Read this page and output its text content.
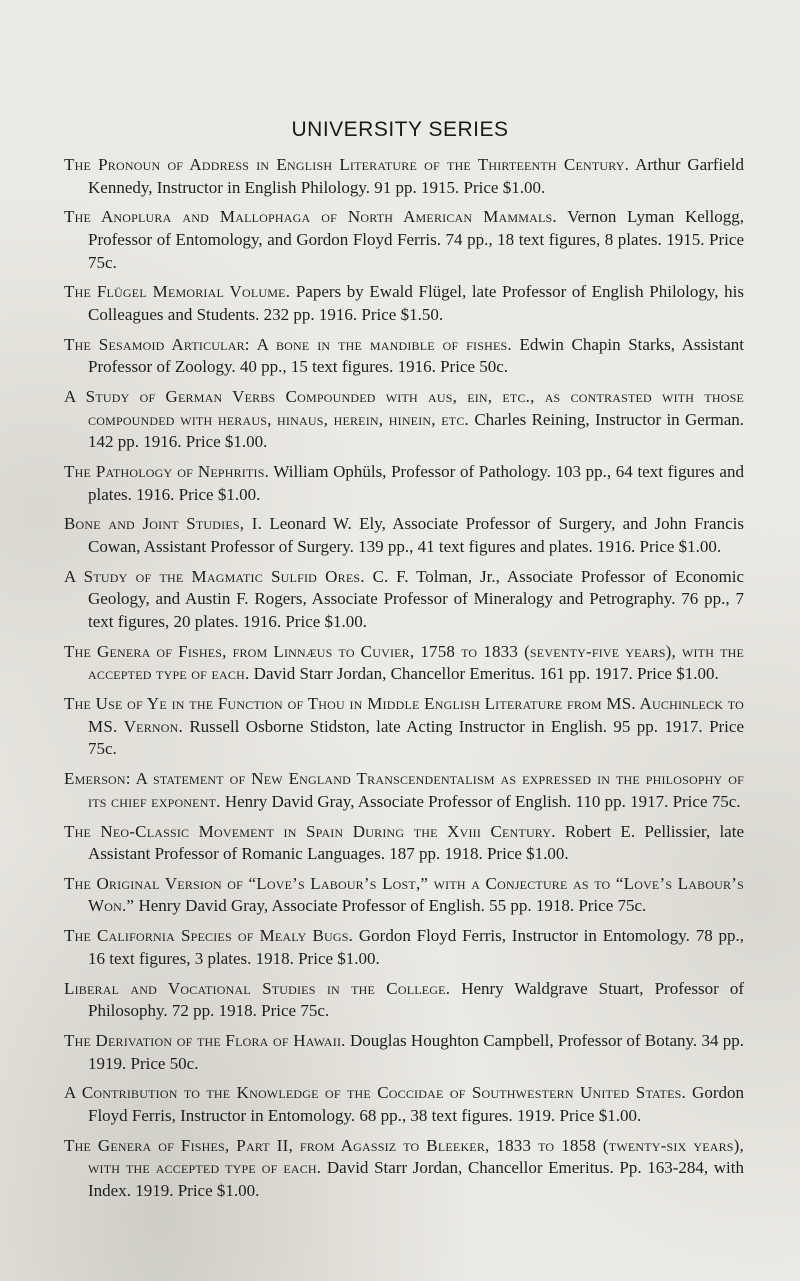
UNIVERSITY SERIES

The Pronoun of Address in English Literature of the Thirteenth Century. Arthur Garfield Kennedy, Instructor in English Philology. 91 pp. 1915. Price $1.00.

The Anoplura and Mallophaga of North American Mammals. Vernon Lyman Kellogg, Professor of Entomology, and Gordon Floyd Ferris. 74 pp., 18 text figures, 8 plates. 1915. Price 75c.

The Flügel Memorial Volume. Papers by Ewald Flügel, late Professor of English Philology, his Colleagues and Students. 232 pp. 1916. Price $1.50.

The Sesamoid Articular: A bone in the mandible of fishes. Edwin Chapin Starks, Assistant Professor of Zoology. 40 pp., 15 text figures. 1916. Price 50c.

A Study of German Verbs Compounded with aus, ein, etc., as contrasted with those compounded with heraus, hinaus, herein, hinein, etc. Charles Reining, Instructor in German. 142 pp. 1916. Price $1.00.

The Pathology of Nephritis. William Ophüls, Professor of Pathology. 103 pp., 64 text figures and plates. 1916. Price $1.00.

Bone and Joint Studies, I. Leonard W. Ely, Associate Professor of Surgery, and John Francis Cowan, Assistant Professor of Surgery. 139 pp., 41 text figures and plates. 1916. Price $1.00.

A Study of the Magmatic Sulfid Ores. C. F. Tolman, Jr., Associate Professor of Economic Geology, and Austin F. Rogers, Associate Professor of Mineralogy and Petrography. 76 pp., 7 text figures, 20 plates. 1916. Price $1.00.

The Genera of Fishes, from Linnæus to Cuvier, 1758 to 1833 (seventy-five years), with the accepted type of each. David Starr Jordan, Chancellor Emeritus. 161 pp. 1917. Price $1.00.

The Use of Ye in the Function of Thou in Middle English Literature from MS. Auchinleck to MS. Vernon. Russell Osborne Stidston, late Acting Instructor in English. 95 pp. 1917. Price 75c.

Emerson: A statement of New England Transcendentalism as expressed in the philosophy of its chief exponent. Henry David Gray, Associate Professor of English. 110 pp. 1917. Price 75c.

The Neo-Classic Movement in Spain During the Xviii Century. Robert E. Pellissier, late Assistant Professor of Romanic Languages. 187 pp. 1918. Price $1.00.

The Original Version of “Love’s Labour’s Lost,” with a Conjecture as to “Love’s Labour’s Won.” Henry David Gray, Associate Professor of English. 55 pp. 1918. Price 75c.

The California Species of Mealy Bugs. Gordon Floyd Ferris, Instructor in Entomology. 78 pp., 16 text figures, 3 plates. 1918. Price $1.00.

Liberal and Vocational Studies in the College. Henry Waldgrave Stuart, Professor of Philosophy. 72 pp. 1918. Price 75c.

The Derivation of the Flora of Hawaii. Douglas Houghton Campbell, Professor of Botany. 34 pp. 1919. Price 50c.

A Contribution to the Knowledge of the Coccidae of Southwestern United States. Gordon Floyd Ferris, Instructor in Entomology. 68 pp., 38 text figures. 1919. Price $1.00.

The Genera of Fishes, Part II, from Agassiz to Bleeker, 1833 to 1858 (twenty-six years), with the accepted type of each. David Starr Jordan, Chancellor Emeritus. Pp. 163-284, with Index. 1919. Price $1.00.
